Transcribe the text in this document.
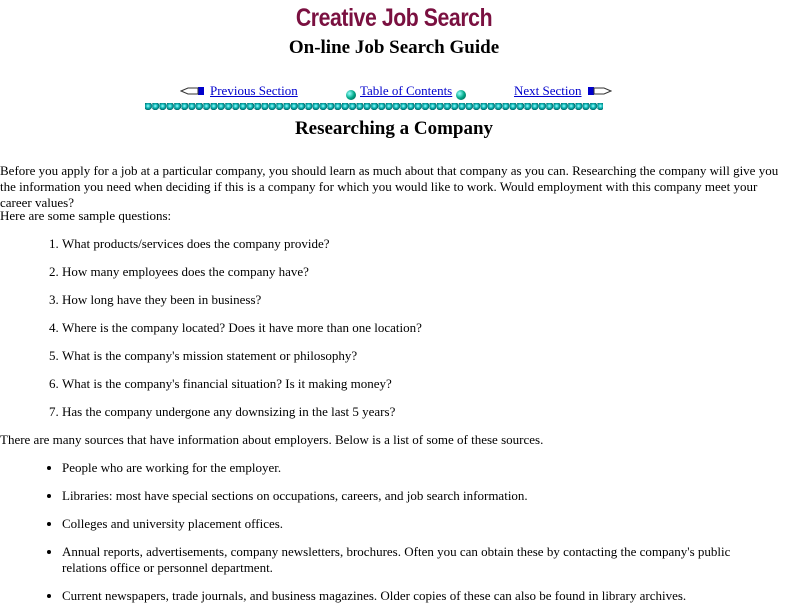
Creative Job Search
On-line Job Search Guide
Previous Section	Table of Contents	Next Section
Researching a Company

Before you apply for a job at a particular company, you should learn as much about that company as you can. Researching the company will give you the information you need when deciding if this is a company for which you would like to work. Would employment with this company meet your career values?

Here are some sample questions:

1. What products/services does the company provide?
2. How many employees does the company have?
3. How long have they been in business?
4. Where is the company located? Does it have more than one location?
5. What is the company's mission statement or philosophy?
6. What is the company's financial situation? Is it making money?
7. Has the company undergone any downsizing in the last 5 years?

There are many sources that have information about employers. Below is a list of some of these sources.

• People who are working for the employer.
• Libraries: most have special sections on occupations, careers, and job search information.
• Colleges and university placement offices.
• Annual reports, advertisements, company newsletters, brochures. Often you can obtain these by contacting the company's public relations office or personnel department.
• Current newspapers, trade journals, and business magazines. Older copies of these can also be found in library archives.
